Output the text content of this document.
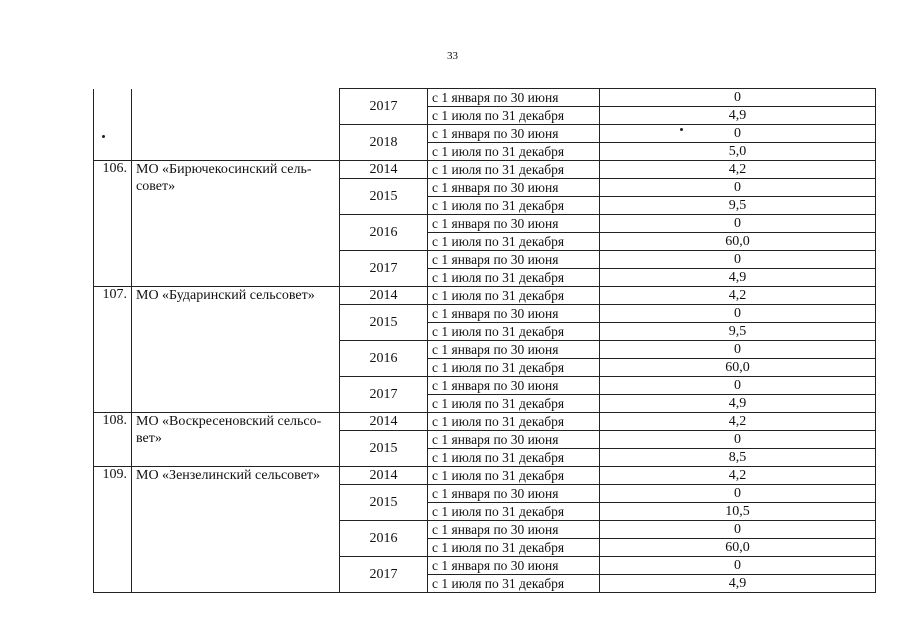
33
		2017	с 1 января по 30 июня	0
			с 1 июля по 31 декабря	4,9
		2018	с 1 января по 30 июня	0
			с 1 июля по 31 декабря	5,0
106.	МО «Бирючекосинский сель-совет»	2014	с 1 июля по 31 декабря	4,2
		2015	с 1 января по 30 июня	0
			с 1 июля по 31 декабря	9,5
		2016	с 1 января по 30 июня	0
			с 1 июля по 31 декабря	60,0
		2017	с 1 января по 30 июня	0
			с 1 июля по 31 декабря	4,9
107.	МО «Бударинский сельсовет»	2014	с 1 июля по 31 декабря	4,2
		2015	с 1 января по 30 июня	0
			с 1 июля по 31 декабря	9,5
		2016	с 1 января по 30 июня	0
			с 1 июля по 31 декабря	60,0
		2017	с 1 января по 30 июня	0
			с 1 июля по 31 декабря	4,9
108.	МО «Воскресеновский сельсо-вет»	2014	с 1 июля по 31 декабря	4,2
		2015	с 1 января по 30 июня	0
			с 1 июля по 31 декабря	8,5
109.	МО «Зензелинский сельсовет»	2014	с 1 июля по 31 декабря	4,2
		2015	с 1 января по 30 июня	0
			с 1 июля по 31 декабря	10,5
		2016	с 1 января по 30 июня	0
			с 1 июля по 31 декабря	60,0
		2017	с 1 января по 30 июня	0
			с 1 июля по 31 декабря	4,9
